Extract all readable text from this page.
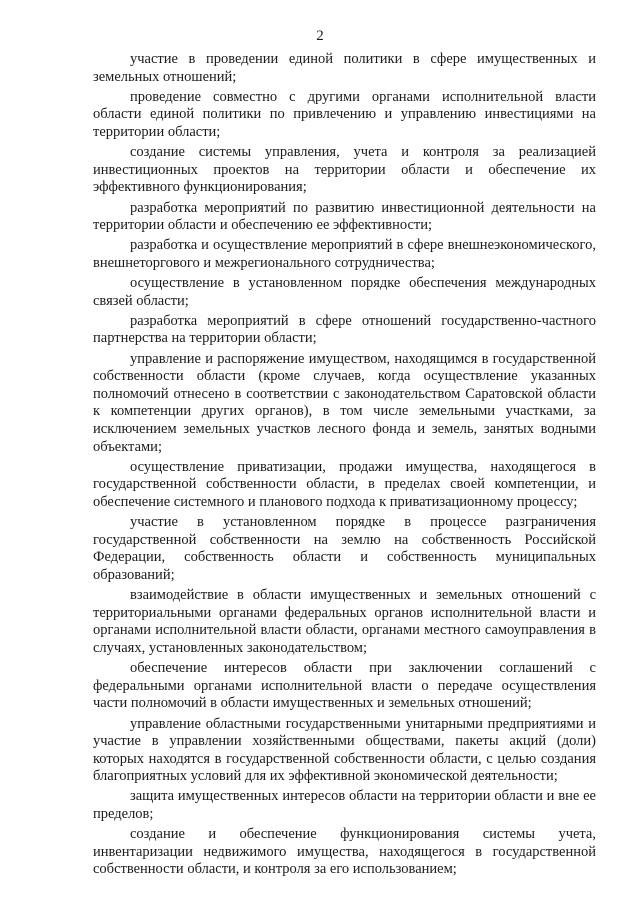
2

участие в проведении единой политики в сфере имущественных и земельных отношений;

проведение совместно с другими органами исполнительной власти области единой политики по привлечению и управлению инвестициями на территории области;

создание системы управления, учета и контроля за реализацией инвестиционных проектов на территории области и обеспечение их эффективного функционирования;

разработка мероприятий по развитию инвестиционной деятельности на территории области и обеспечению ее эффективности;

разработка и осуществление мероприятий в сфере внешнеэкономического, внешнеторгового и межрегионального сотрудничества;

осуществление в установленном порядке обеспечения международных связей области;

разработка мероприятий в сфере отношений государственно-частного партнерства на территории области;

управление и распоряжение имуществом, находящимся в государственной собственности области (кроме случаев, когда осуществление указанных полномочий отнесено в соответствии с законодательством Саратовской области к компетенции других органов), в том числе земельными участками, за исключением земельных участков лесного фонда и земель, занятых водными объектами;

осуществление приватизации, продажи имущества, находящегося в государственной собственности области, в пределах своей компетенции, и обеспечение системного и планового подхода к приватизационному процессу;

участие в установленном порядке в процессе разграничения государственной собственности на землю на собственность Российской Федерации, собственность области и собственность муниципальных образований;

взаимодействие в области имущественных и земельных отношений с территориальными органами федеральных органов исполнительной власти и органами исполнительной власти области, органами местного самоуправления в случаях, установленных законодательством;

обеспечение интересов области при заключении соглашений с федеральными органами исполнительной власти о передаче осуществления части полномочий в области имущественных и земельных отношений;

управление областными государственными унитарными предприятиями и участие в управлении хозяйственными обществами, пакеты акций (доли) которых находятся в государственной собственности области, с целью создания благоприятных условий для их эффективной экономической деятельности;

защита имущественных интересов области на территории области и вне ее пределов;

создание и обеспечение функционирования системы учета, инвентаризации недвижимого имущества, находящегося в государственной собственности области, и контроля за его использованием;
